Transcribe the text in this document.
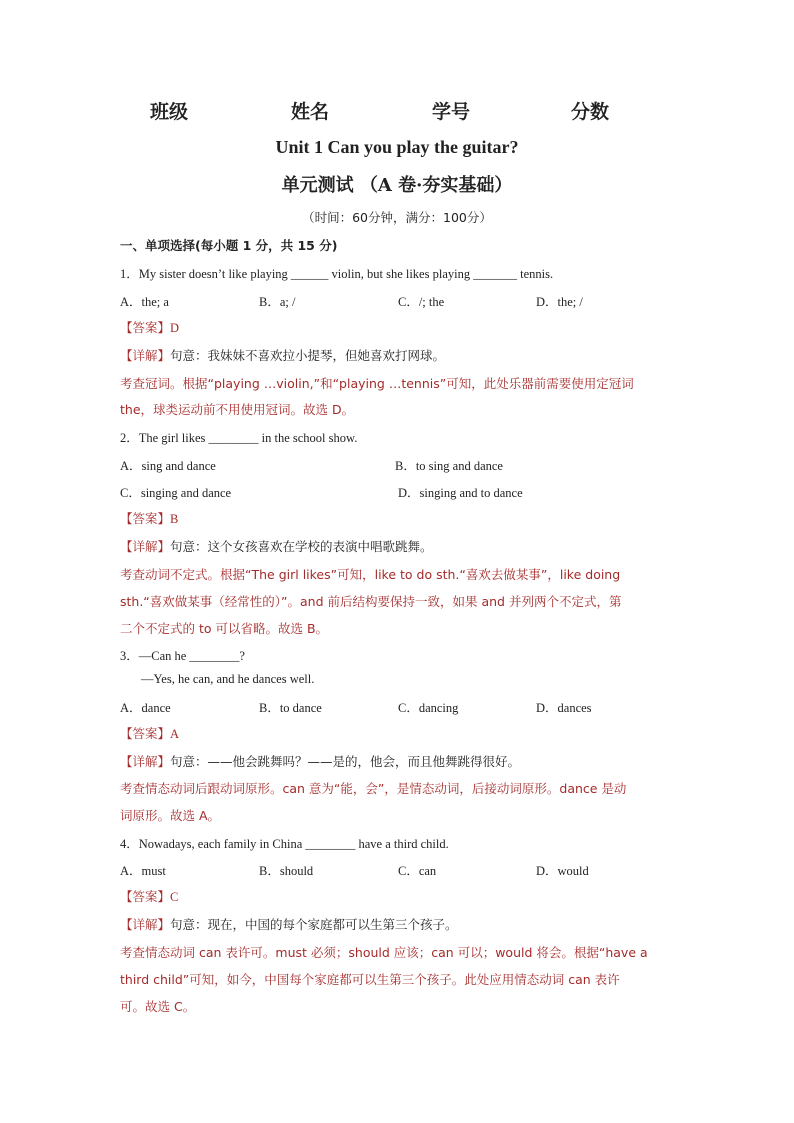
班级	姓名	学号	分数
Unit 1 Can you play the guitar?
单元测试 （A 卷·夯实基础）
（时间：60分钟，满分：100分）
一、单项选择(每小题 1 分，共 15 分)
1．My sister doesn’t like playing ______ violin, but she likes playing _______ tennis.
A．the; a	B．a; /	C．/; the	D．the; /
【答案】D
【详解】句意：我妹妹不喜欢拉小提琴，但她喜欢打网球。
考查冠词。根据“playing …violin,”和“playing …tennis”可知，此处乐器前需要使用定冠词
the，球类运动前不用使用冠词。故选 D。
2．The girl likes ________ in the school show.
A．sing and dance	B．to sing and dance
C．singing and dance	D．singing and to dance
【答案】B
【详解】句意：这个女孩喜欢在学校的表演中唱歌跳舞。
考查动词不定式。根据“The girl likes”可知，like to do sth.“喜欢去做某事”，like doing
sth.“喜欢做某事（经常性的）”。and 前后结构要保持一致，如果 and 并列两个不定式，第
二个不定式的 to 可以省略。故选 B。
3．—Can he ________?
—Yes, he can, and he dances well.
A．dance	B．to dance	C．dancing	D．dances
【答案】A
【详解】句意：——他会跳舞吗？——是的，他会，而且他舞跳得很好。
考查情态动词后跟动词原形。can 意为“能，会”，是情态动词，后接动词原形。dance 是动
词原形。故选 A。
4．Nowadays, each family in China ________ have a third child.
A．must	B．should	C．can	D．would
【答案】C
【详解】句意：现在，中国的每个家庭都可以生第三个孩子。
考查情态动词 can 表许可。must 必须；should 应该；can 可以；would 将会。根据“have a
third child”可知，如今，中国每个家庭都可以生第三个孩子。此处应用情态动词 can 表许
可。故选 C。
